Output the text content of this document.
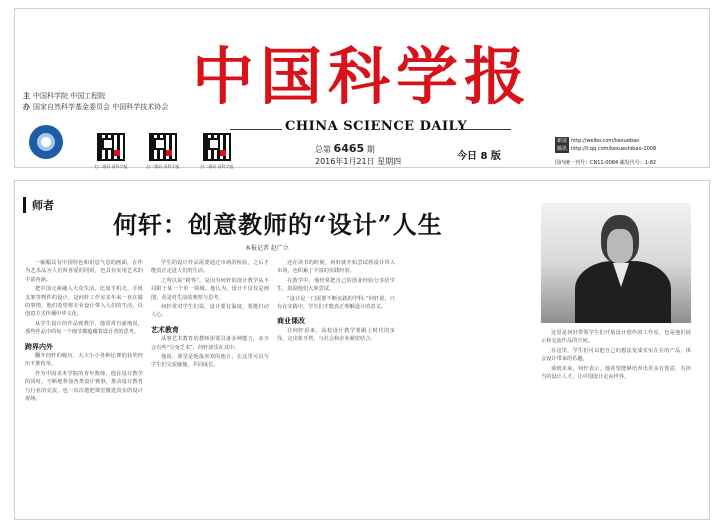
中国科学报
主 中国科学院 中国工程院
办 国家自然科学基金委员会 中国科学技术协会
CHINA SCIENCE DAILY
扫二维码 看科学报	扫二维码 看科学报	扫二维码 看科学报
总第 6465 期
2016年1月21日 星期四	今日 8 版
新浪 http://weibo.com/kexuebao
腾讯 http://t.qq.com/kexueshibao-2008
国内统一刊号：CN11-0084 邮发代号：1-82
师者
何轩：创意教师的“设计”人生
本报记者 赵广立

一幅幅具有中国特色和讯息气息的画面，在作为艺术品为人们所喜爱的同时，也具有实用艺术的丰富内涵。

把中国元素融入大众生活，比如手机壳、手机支架等物件的设计，是何轩工作室多年来一直在做的事情。他们希望将专业设计带入人们的生活，以创意方式传播中华文化。

从学生设计的作品到教学，他常常自豪地说，那些作品中的每一个细节都蕴藏着设计者的思考。

跨界内外

翻开何轩的履历，大大小小各种比赛的获奖经历不胜枚举。

作为中国美术学院的青年教师，他在设计教学的同时，不断地参加各类设计赛事，推动设计教育与行业的交流，也一次次地把课堂搬进真实的设计现场。

学生的设计作品需要通过市场的检验，之后才能真正走进人们的生活。

之所以说“跨界”，是因为何轩的设计教学从不局限于某一个单一领域。他认为，设计不仅仅是画图，更是对生活的观察与思考。

何轩常对学生们说，设计要有温度，要能打动人心。

艺术教育

从事艺术教育的教师需要具备多种能力，多少会有些“分身乏术”，何轩却乐在其中。

他说，课堂是他最喜欢的地方，在这里可以与学生们交流碰撞，共同成长。

还在读书的时候，何轩就开始尝试将设计带入市场，也积累了丰富的实践经验。

在教学中，他经常把自己的创业经验分享给学生，鼓励他们大胆尝试。

“设计是一门需要不断实践的学科。”何轩说，只有在实践中，学生们才能真正理解设计的意义。

商业课改

在何轩看来，高校设计教学要跟上时代的步伐，走出象牙塔，与社会和企业紧密结合。

这里是何轩带领学生们开展设计创作的工作室，也是他们展示和交流作品的空间。

在这里，学生们可以把自己的想法变成实实在在的产品，体会设计带来的乐趣。

谈到未来，何轩表示，他希望能够培养出更多有创意、有担当的设计人才，让中国设计走向世界。
